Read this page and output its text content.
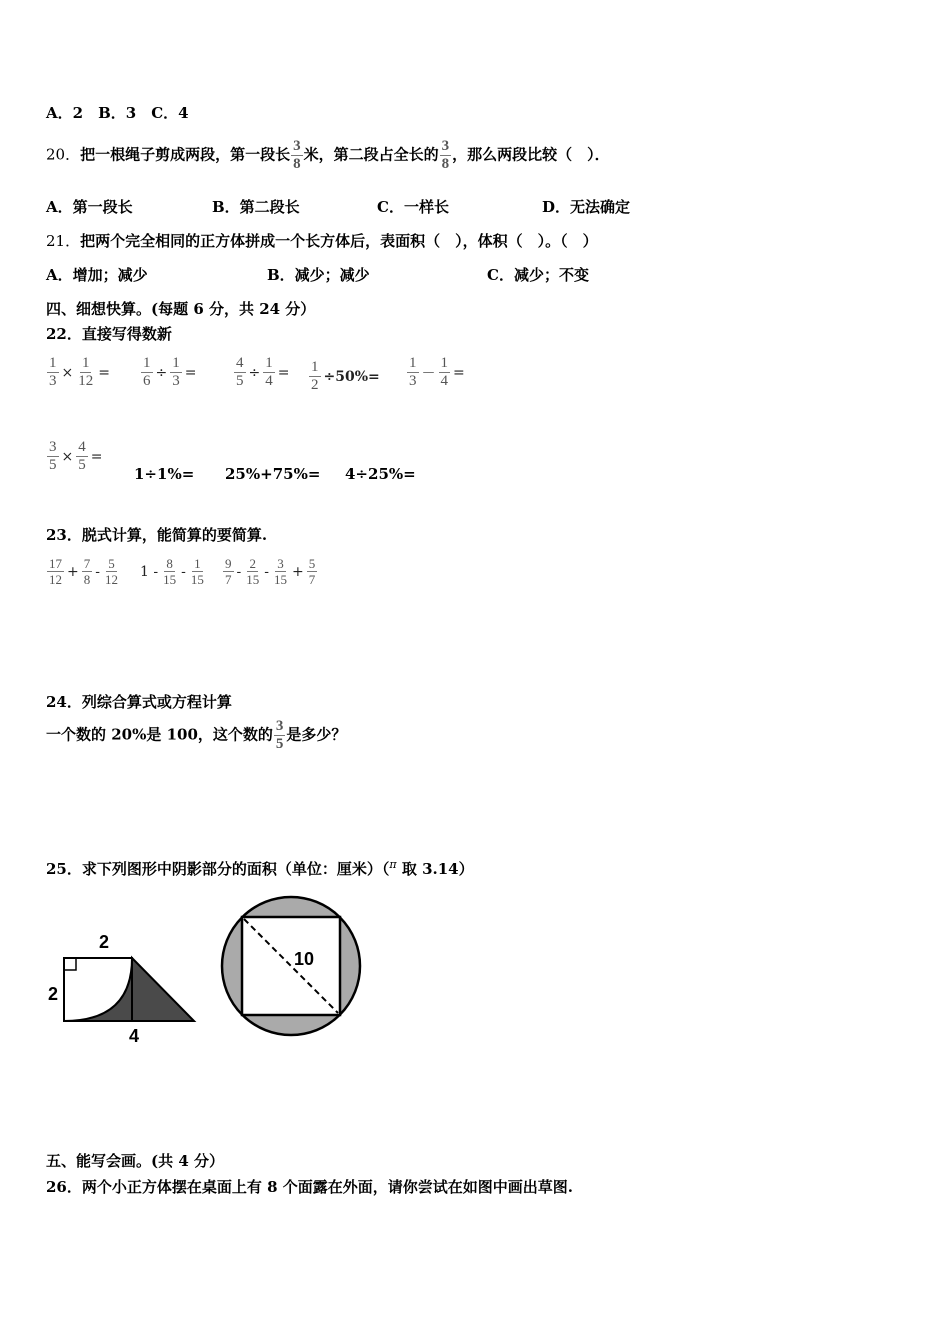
A．2　B．3　C．4
20．把一根绳子剪成两段，第一段长 $\frac{3}{8}$ 米，第二段占全长的 $\frac{3}{8}$ ，那么两段比较（　）．
A．第一段长	B．第二段长	C．一样长	D．无法确定
21．把两个完全相同的正方体拼成一个长方体后，表面积（　），体积（　）。（　）
A．增加；减少	B．减少；减少	C．减少；不变
四、细想快算。(每题 6 分，共 24 分）
22．直接写得数新
$\frac{1}{3} \times \frac{1}{12} = \frac{1}{6} \div \frac{1}{3}$ =	$\frac{4}{5} \div \frac{1}{4} = \frac{1}{2} \div 50\%= \frac{1}{3} - \frac{1}{4}$ =
$\frac{3}{5} \times \frac{4}{5}$ =
1÷1%= 25%+75%= 4÷25%=
23．脱式计算，能简算的要简算.
$\frac{17}{12} + \frac{7}{8} - \frac{5}{12} 1 - \frac{8}{15} - \frac{1}{15} \frac{9}{7} - \frac{2}{15} - \frac{3}{15} + \frac{5}{7}$
24．列综合算式或方程计算
一个数的 20%是 100，这个数的 $\frac{3}{5}$ 是多少？
25．求下列图形中阴影部分的面积（单位：厘米）（$^\pi$ 取 3.14）
2
2
4
10
五、能写会画。(共 4 分）
26．两个小正方体摆在桌面上有 8 个面露在外面，请你尝试在如图中画出草图.
